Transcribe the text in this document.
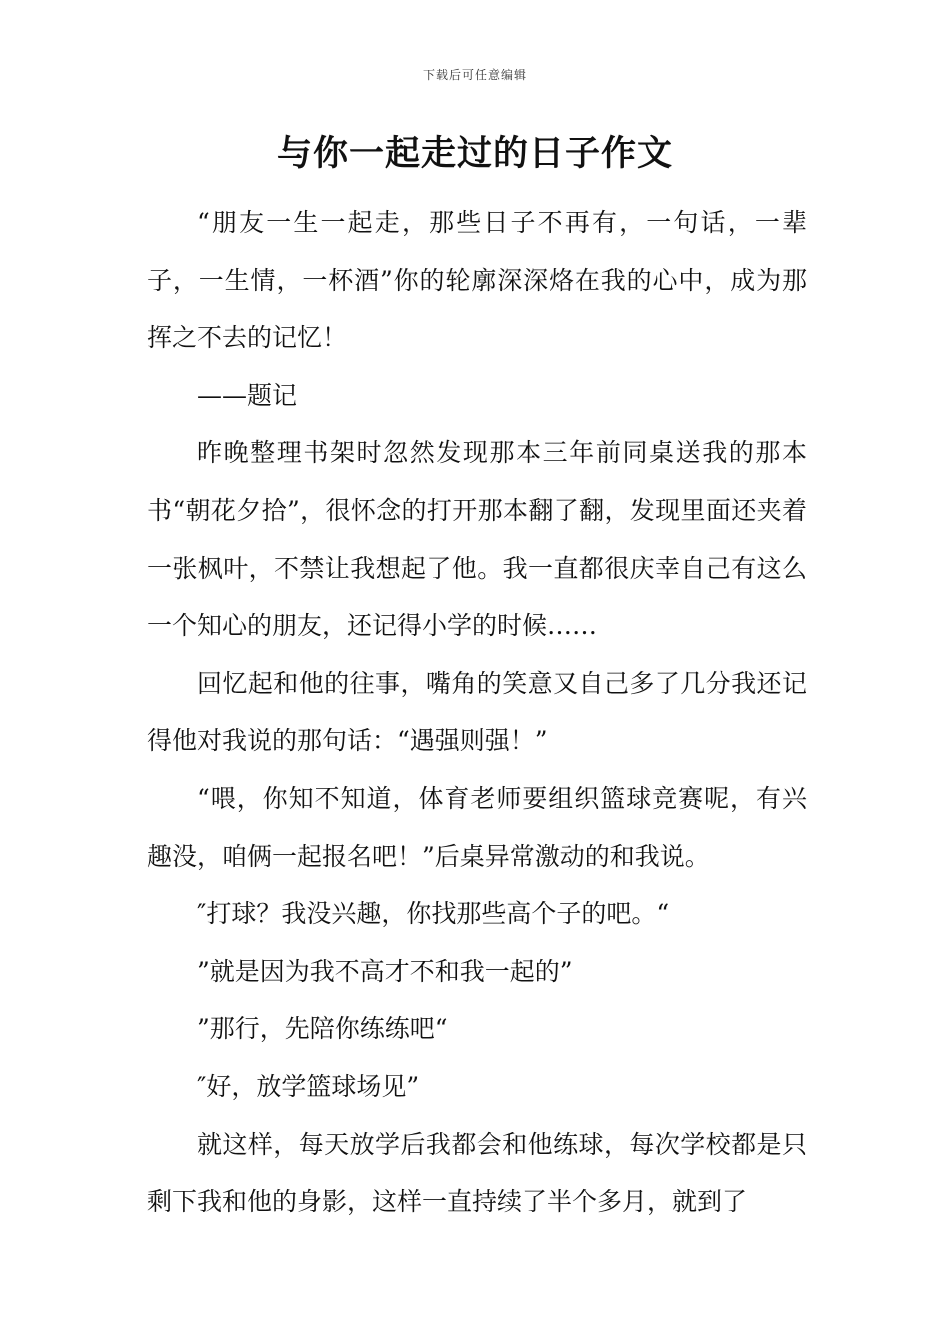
下载后可任意编辑
与你一起走过的日子作文

“朋友一生一起走，那些日子不再有，一句话，一辈子，一生情，一杯酒”你的轮廓深深烙在我的心中，成为那挥之不去的记忆！

——题记

昨晚整理书架时忽然发现那本三年前同桌送我的那本书“朝花夕拾”，很怀念的打开那本翻了翻，发现里面还夹着一张枫叶，不禁让我想起了他。我一直都很庆幸自己有这么一个知心的朋友，还记得小学的时候……

回忆起和他的往事，嘴角的笑意又自己多了几分我还记得他对我说的那句话：“遇强则强！”

“喂，你知不知道，体育老师要组织篮球竞赛呢，有兴趣没，咱俩一起报名吧！”后桌异常激动的和我说。

″打球？我没兴趣，你找那些高个子的吧。“

”就是因为我不高才不和我一起的”

”那行，先陪你练练吧“

″好，放学篮球场见”

就这样，每天放学后我都会和他练球，每次学校都是只剩下我和他的身影，这样一直持续了半个多月，就到了
